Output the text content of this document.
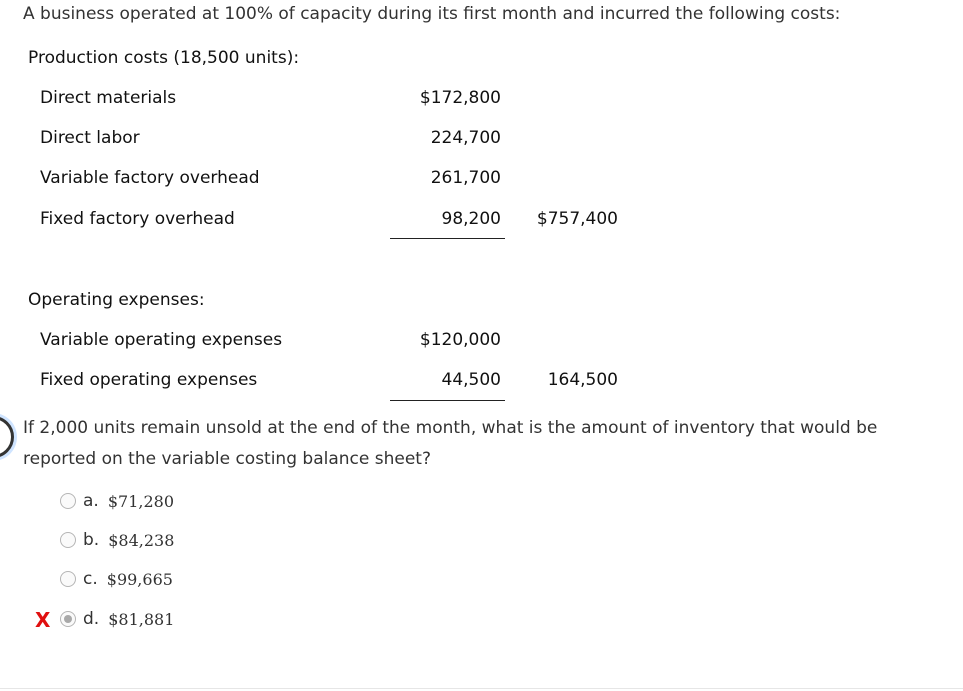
A business operated at 100% of capacity during its first month and incurred the following costs:
Production costs (18,500 units):
Direct materials	$172,800
Direct labor	224,700
Variable factory overhead	261,700
Fixed factory overhead	98,200 $757,400
Operating expenses:
Variable operating expenses	$120,000
Fixed operating expenses	44,500	164,500
If 2,000 units remain unsold at the end of the month, what is the amount of inventory that would be reported on the variable costing balance sheet?
a. $71,280
b. $84,238
c. $99,665
X d. $81,881
